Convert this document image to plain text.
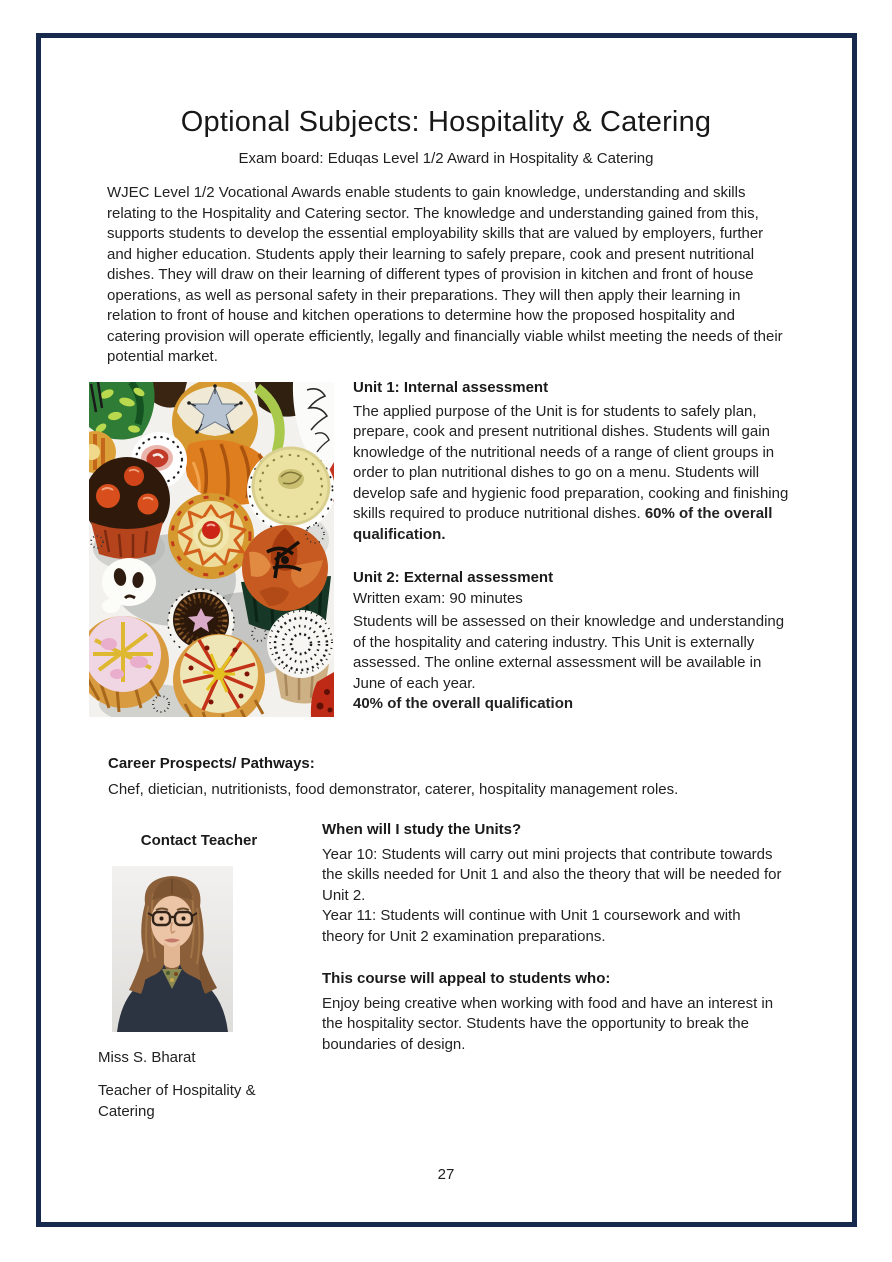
Optional Subjects: Hospitality & Catering
Exam board: Eduqas Level 1/2 Award in Hospitality & Catering

WJEC Level 1/2 Vocational Awards enable students to gain knowledge, understanding and skills relating to the Hospitality and Catering sector. The knowledge and understanding gained from this, supports students to develop the essential employability skills that are valued by employers, further and higher education. Students apply their learning to safely prepare, cook and present nutritional dishes. They will draw on their learning of different types of provision in kitchen and front of house operations, as well as personal safety in their preparations. They will then apply their learning in relation to front of house and kitchen operations to determine how the proposed hospitality and catering provision will operate efficiently, legally and financially viable whilst meeting the needs of their potential market.

Unit 1: Internal assessment

The applied purpose of the Unit is for students to safely plan, prepare, cook and present nutritional dishes. Students will gain knowledge of the nutritional needs of a range of client groups in order to plan nutritional dishes to go on a menu. Students will develop safe and hygienic food preparation, cooking and finishing skills required to produce nutritional dishes. 60% of the overall qualification.

Unit 2: External assessment
Written exam: 90 minutes

Students will be assessed on their knowledge and understanding of the hospitality and catering industry. This Unit is externally assessed. The online external assessment will be available in June of each year.
40% of the overall qualification

Career Prospects/ Pathways:

Chef, dietician, nutritionists, food demonstrator, caterer, hospitality management roles.

Contact Teacher
Miss S. Bharat
Teacher of Hospitality & Catering
When will I study the Units?

Year 10: Students will carry out mini projects that contribute towards the skills needed for Unit 1 and also the theory that will be needed for Unit 2.
Year 11: Students will continue with Unit 1 coursework and with theory for Unit 2 examination preparations.

This course will appeal to students who:

Enjoy being creative when working with food and have an interest in the hospitality sector. Students have the opportunity to break the boundaries of design.

27
